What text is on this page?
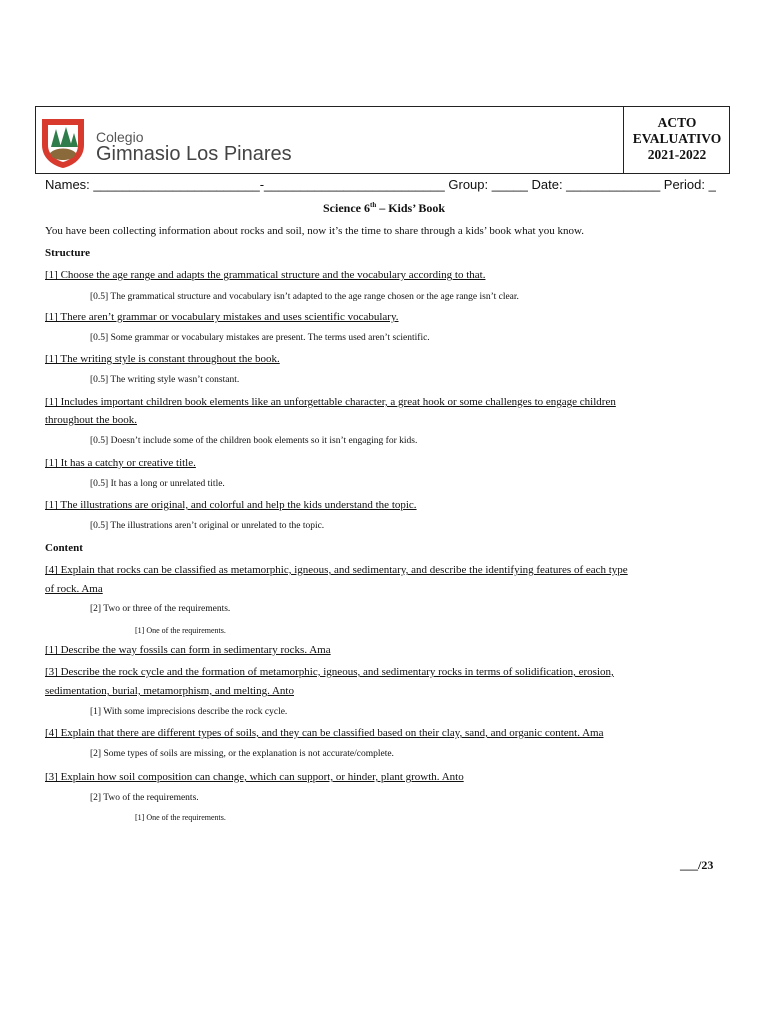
Colegio
Gimnasio Los Pinares
ACTO
EVALUATIVO
2021-2022
Names: _______________________-_________________________ Group: _____ Date: _____________ Period: _
Science 6th – Kids’ Book
You have been collecting information about rocks and soil, now it’s the time to share through a kids’ book what you know.
Structure
[1] Choose the age range and adapts the grammatical structure and the vocabulary according to that.
[0.5] The grammatical structure and vocabulary isn’t adapted to the age range chosen or the age range isn’t clear.
[1] There aren’t grammar or vocabulary mistakes and uses scientific vocabulary.
[0.5] Some grammar or vocabulary mistakes are present. The terms used aren’t scientific.
[1] The writing style is constant throughout the book.
[0.5] The writing style wasn’t constant.
[1] Includes important children book elements like an unforgettable character, a great hook or some challenges to engage children
throughout the book.
[0.5] Doesn’t include some of the children book elements so it isn’t engaging for kids.
[1] It has a catchy or creative title.
[0.5] It has a long or unrelated title.
[1] The illustrations are original, and colorful and help the kids understand the topic.
[0.5] The illustrations aren’t original or unrelated to the topic.
Content
[4] Explain that rocks can be classified as metamorphic, igneous, and sedimentary, and describe the identifying features of each type
of rock. Ama
[2] Two or three of the requirements.
[1] One of the requirements.
[1] Describe the way fossils can form in sedimentary rocks. Ama
[3] Describe the rock cycle and the formation of metamorphic, igneous, and sedimentary rocks in terms of solidification, erosion,
sedimentation, burial, metamorphism, and melting. Anto
[1] With some imprecisions describe the rock cycle.
[4] Explain that there are different types of soils, and they can be classified based on their clay, sand, and organic content. Ama
[2] Some types of soils are missing, or the explanation is not accurate/complete.
[3] Explain how soil composition can change, which can support, or hinder, plant growth. Anto
[2] Two of the requirements.
[1] One of the requirements.
___/23
